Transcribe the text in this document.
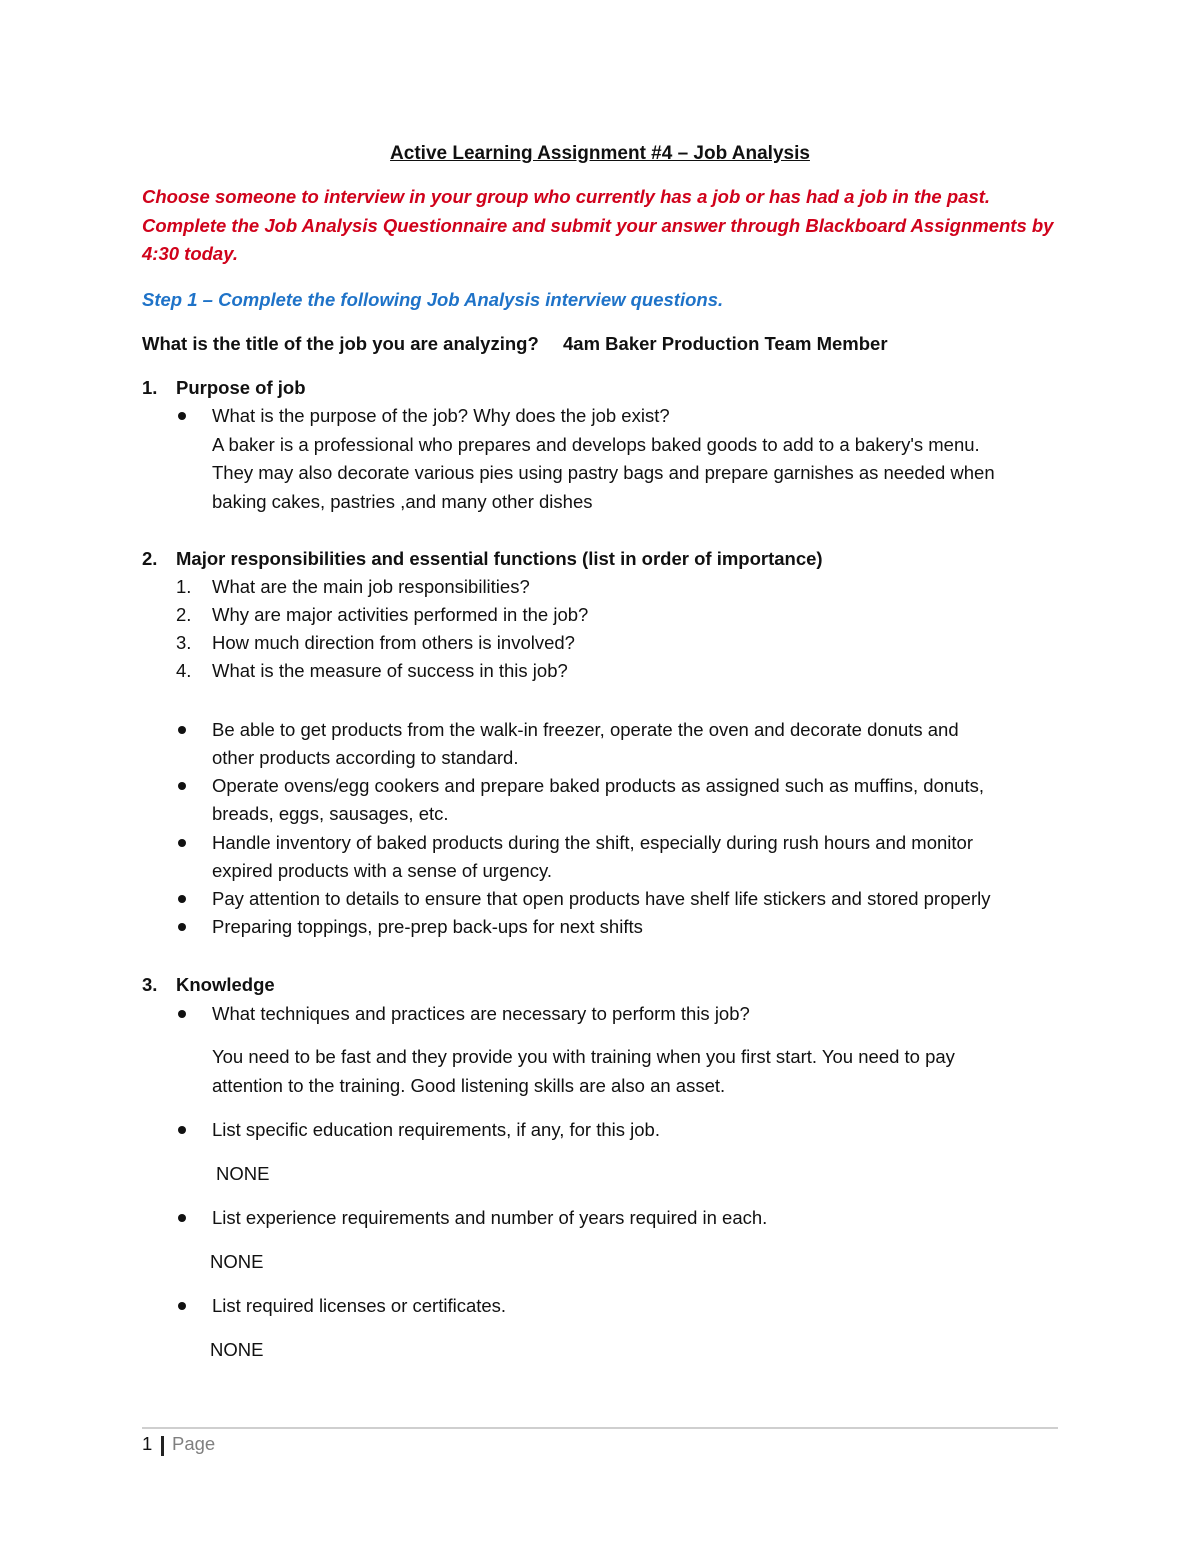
Active Learning Assignment #4 – Job Analysis
Choose someone to interview in your group who currently has a job or has had a job in the past.
Complete the Job Analysis Questionnaire and submit your answer through Blackboard Assignments by
4:30 today.
Step 1 – Complete the following Job Analysis interview questions.
What is the title of the job you are analyzing? 4am Baker Production Team Member
1. Purpose of job
What is the purpose of the job? Why does the job exist?
A baker is a professional who prepares and develops baked goods to add to a bakery's menu.
They may also decorate various pies using pastry bags and prepare garnishes as needed when
baking cakes, pastries ,and many other dishes
2. Major responsibilities and essential functions (list in order of importance)
1. What are the main job responsibilities?
2. Why are major activities performed in the job?
3. How much direction from others is involved?
4. What is the measure of success in this job?
Be able to get products from the walk-in freezer, operate the oven and decorate donuts and
other products according to standard.
Operate ovens/egg cookers and prepare baked products as assigned such as muffins, donuts,
breads, eggs, sausages, etc.
Handle inventory of baked products during the shift, especially during rush hours and monitor
expired products with a sense of urgency.
Pay attention to details to ensure that open products have shelf life stickers and stored properly
Preparing toppings, pre-prep back-ups for next shifts
3. Knowledge
What techniques and practices are necessary to perform this job?
You need to be fast and they provide you with training when you first start. You need to pay
attention to the training. Good listening skills are also an asset.
List specific education requirements, if any, for this job.
NONE
List experience requirements and number of years required in each.
NONE
List required licenses or certificates.
NONE
1 Page
